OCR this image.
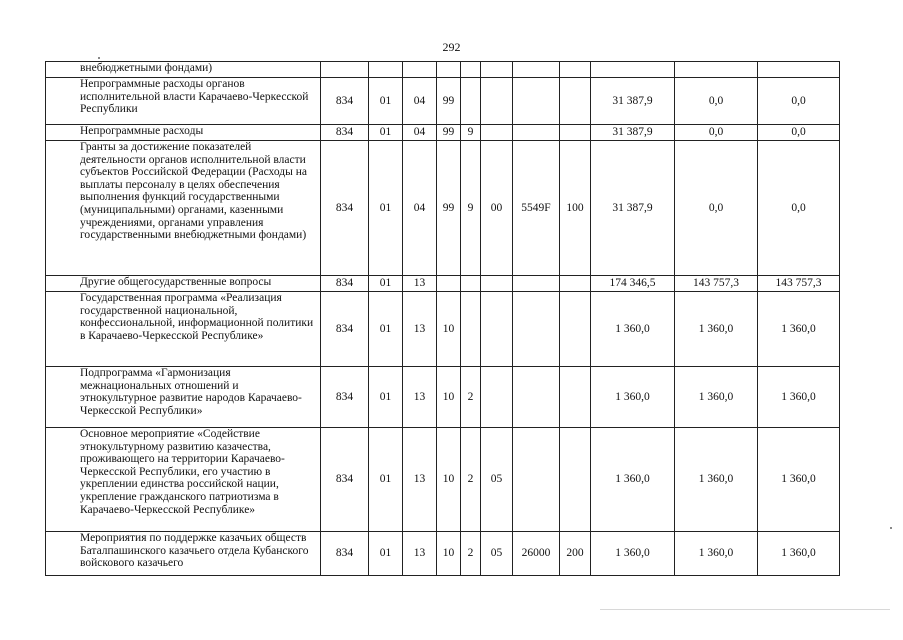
292
внебюджетными фондами)											
Непрограммные расходы органов исполнительной власти Карачаево-Черкесской Республики	834	01	04	99					31 387,9	0,0	0,0
Непрограммные расходы	834	01	04	99	9				31 387,9	0,0	0,0
Гранты за достижение показателей деятельности органов исполнительной власти субъектов Российской Федерации (Расходы на выплаты персоналу в целях обеспечения выполнения функций государственными (муниципальными) органами, казенными учреждениями, органами управления государственными внебюджетными фондами)	834	01	04	99	9	00	5549F	100	31 387,9	0,0	0,0
Другие общегосударственные вопросы	834	01	13						174 346,5	143 757,3	143 757,3
Государственная программа «Реализация государственной национальной, конфессиональной, информационной политики в Карачаево-Черкесской Республике»	834	01	13	10					1 360,0	1 360,0	1 360,0
Подпрограмма «Гармонизация межнациональных отношений и этнокультурное развитие народов Карачаево-Черкесской Республики»	834	01	13	10	2				1 360,0	1 360,0	1 360,0
Основное мероприятие «Содействие этнокультурному развитию казачества, проживающего на территории Карачаево-Черкесской Республики, его участию в укреплении единства российской нации, укрепление гражданского патриотизма в Карачаево-Черкесской Республике»	834	01	13	10	2	05			1 360,0	1 360,0	1 360,0
Мероприятия по поддержке казачьих обществ Баталпашинского казачьего отдела Кубанского войскового казачьего	834	01	13	10	2	05	26000	200	1 360,0	1 360,0	1 360,0
